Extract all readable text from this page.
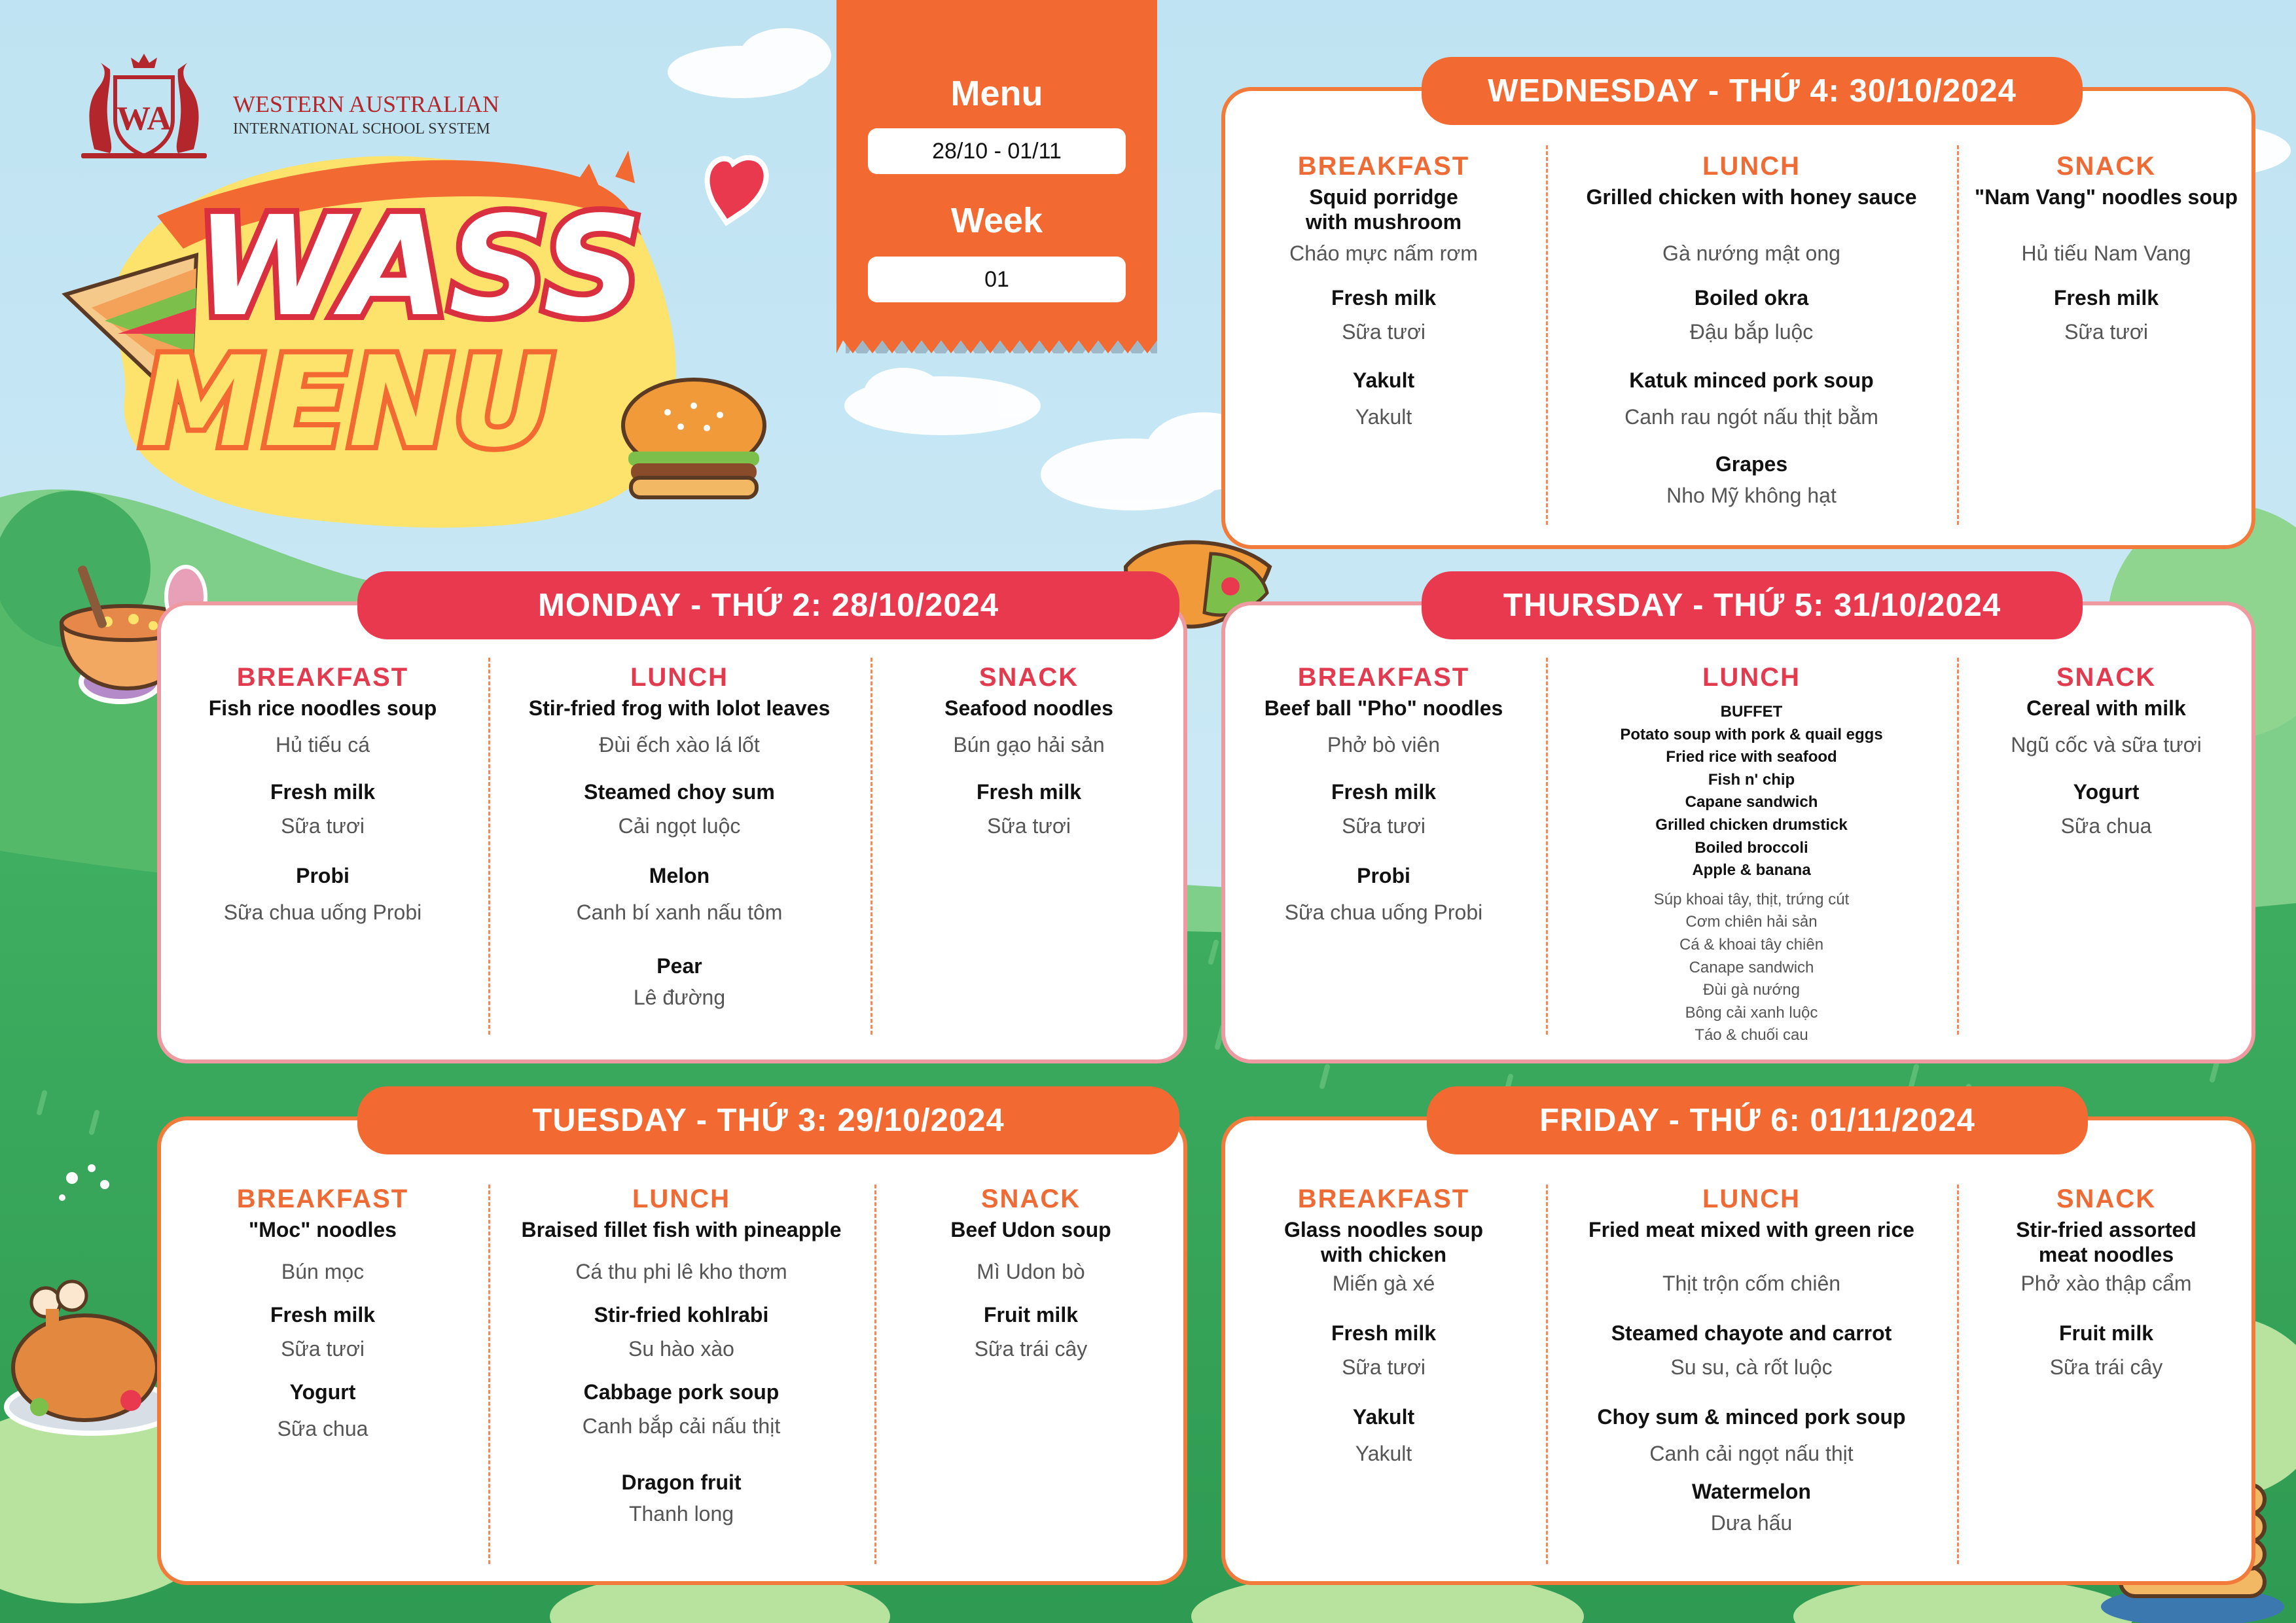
WA	WESTERN AUSTRALIAN
INTERNATIONAL SCHOOL SYSTEM
WASS
MENU
Menu
28/10 - 01/11
Week
01
MONDAY - THỨ 2: 28/10/2024
BREAKFAST
Fish rice noodles soup
Hủ tiếu cá
Fresh milk
Sữa tươi
Probi
Sữa chua uống Probi
LUNCH
Stir-fried frog with lolot leaves
Đùi ếch xào lá lốt
Steamed choy sum
Cải ngọt luộc
Melon
Canh bí xanh nấu tôm
Pear
Lê đường
SNACK
Seafood noodles
Bún gạo hải sản
Fresh milk
Sữa tươi
TUESDAY - THỨ 3: 29/10/2024
BREAKFAST
"Moc" noodles
Bún mọc
Fresh milk
Sữa tươi
Yogurt
Sữa chua
LUNCH
Braised fillet fish with pineapple
Cá thu phi lê kho thơm
Stir-fried kohlrabi
Su hào xào
Cabbage pork soup
Canh bắp cải nấu thịt
Dragon fruit
Thanh long
SNACK
Beef Udon soup
Mì Udon bò
Fruit milk
Sữa trái cây
WEDNESDAY - THỨ 4: 30/10/2024
BREAKFAST
Squid porridge with mushroom
Cháo mực nấm rơm
Fresh milk
Sữa tươi
Yakult
Yakult
LUNCH
Grilled chicken with honey sauce
Gà nướng mật ong
Boiled okra
Đậu bắp luộc
Katuk minced pork soup
Canh rau ngót nấu thịt bằm
Grapes
Nho Mỹ không hạt
SNACK
"Nam Vang" noodles soup
Hủ tiếu Nam Vang
Fresh milk
Sữa tươi
THURSDAY - THỨ 5: 31/10/2024
BREAKFAST
Beef ball "Pho" noodles
Phở bò viên
Fresh milk
Sữa tươi
Probi
Sữa chua uống Probi
LUNCH
BUFFET
Potato soup with pork & quail eggs
Fried rice with seafood
Fish n' chip
Capane sandwich
Grilled chicken drumstick
Boiled broccoli
Apple & banana
Súp khoai tây, thịt, trứng cút
Cơm chiên hải sản
Cá & khoai tây chiên
Canape sandwich
Đùi gà nướng
Bông cải xanh luộc
Táo & chuối cau
SNACK
Cereal with milk
Ngũ cốc và sữa tươi
Yogurt
Sữa chua
FRIDAY - THỨ 6: 01/11/2024
BREAKFAST
Glass noodles soup with chicken
Miến gà xé
Fresh milk
Sữa tươi
Yakult
Yakult
LUNCH
Fried meat mixed with green rice
Thịt trộn cốm chiên
Steamed chayote and carrot
Su su, cà rốt luộc
Choy sum & minced pork soup
Canh cải ngọt nấu thịt
Watermelon
Dưa hấu
SNACK
Stir-fried assorted meat noodles
Phở xào thập cẩm
Fruit milk
Sữa trái cây
